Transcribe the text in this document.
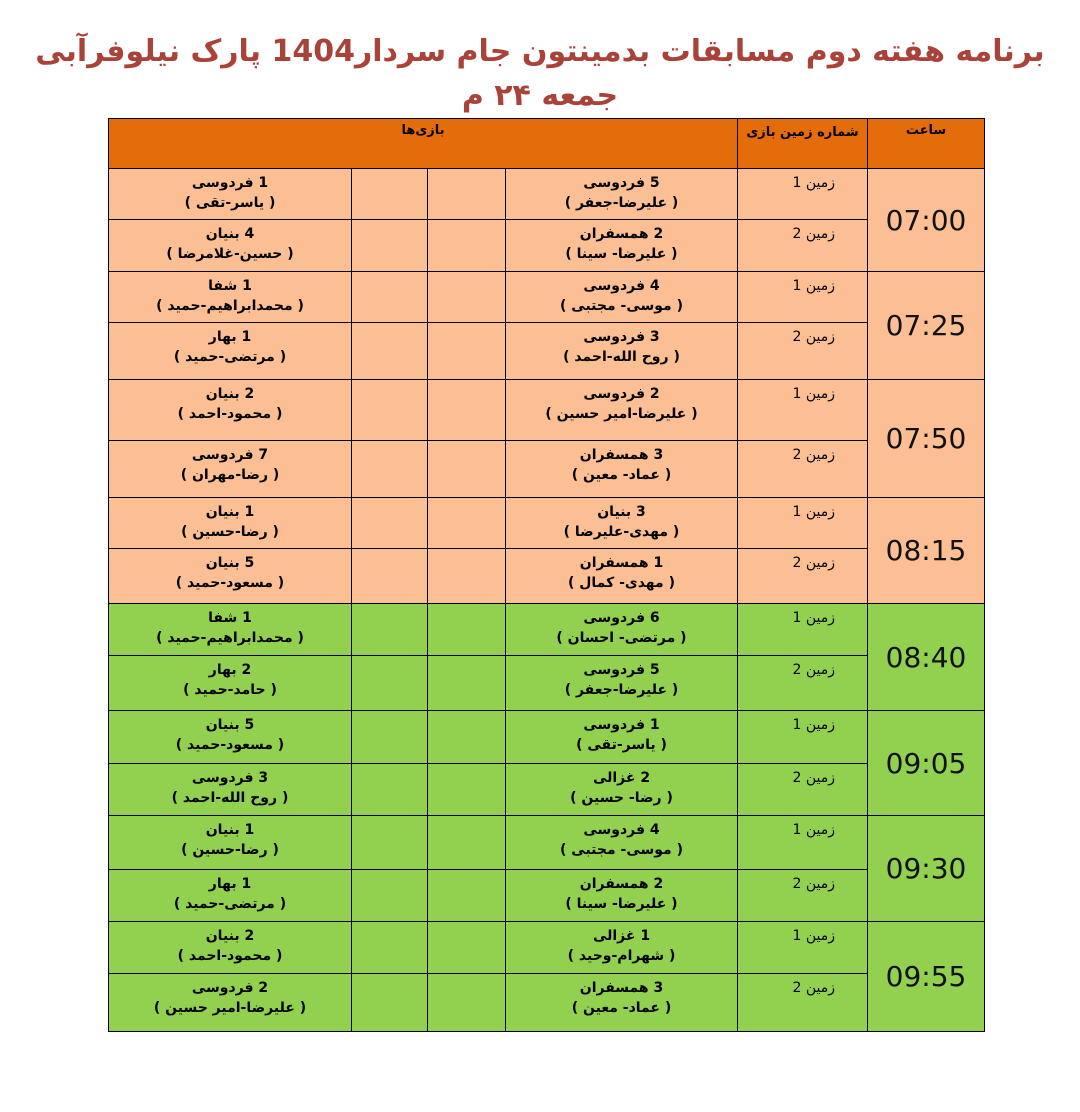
برنامه هفته دوم مسابقات بدمینتون جام سردار1404 پارک نیلوفرآبی
جمعه ۲۴ م
ساعت	شماره زمین بازی	بازی‌ها			
07:00	زمین 1	5 فردوسی
( علیرضا-جعفر )			1 فردوسی
( یاسر-تقی )

	زمین 2	2 همسفران
( علیرضا- سینا )			4 بنیان
( حسین-غلامرضا )

07:25	زمین 1	4 فردوسی
( موسی- مجتبی )			1 شفا
( محمدابراهیم-حمید )

	زمین 2	3 فردوسی
( روح الله-احمد )			1 بهار
( مرتضی-حمید )

07:50	زمین 1	2 فردوسی
( علیرضا-امیر حسین )			2 بنیان
( محمود-احمد )

	زمین 2	3 همسفران
( عماد- معین )			7 فردوسی
( رضا-مهران )

08:15	زمین 1	3 بنیان
( مهدی-علیرضا )			1 بنیان
( رضا-حسین )

	زمین 2	1 همسفران
( مهدی- کمال )			5 بنیان
( مسعود-حمید )

08:40	زمین 1	6 فردوسی
( مرتضی- احسان )			1 شفا
( محمدابراهیم-حمید )

	زمین 2	5 فردوسی
( علیرضا-جعفر )			2 بهار
( حامد-حمید )

09:05	زمین 1	1 فردوسی
( یاسر-تقی )			5 بنیان
( مسعود-حمید )

	زمین 2	2 غزالی
( رضا- حسین )			3 فردوسی
( روح الله-احمد )

09:30	زمین 1	4 فردوسی
( موسی- مجتبی )			1 بنیان
( رضا-حسین )

	زمین 2	2 همسفران
( علیرضا- سینا )			1 بهار
( مرتضی-حمید )

09:55	زمین 1	1 غزالی
( شهرام-وحید )			2 بنیان
( محمود-احمد )

	زمین 2	3 همسفران
( عماد- معین )			2 فردوسی
( علیرضا-امیر حسین )
